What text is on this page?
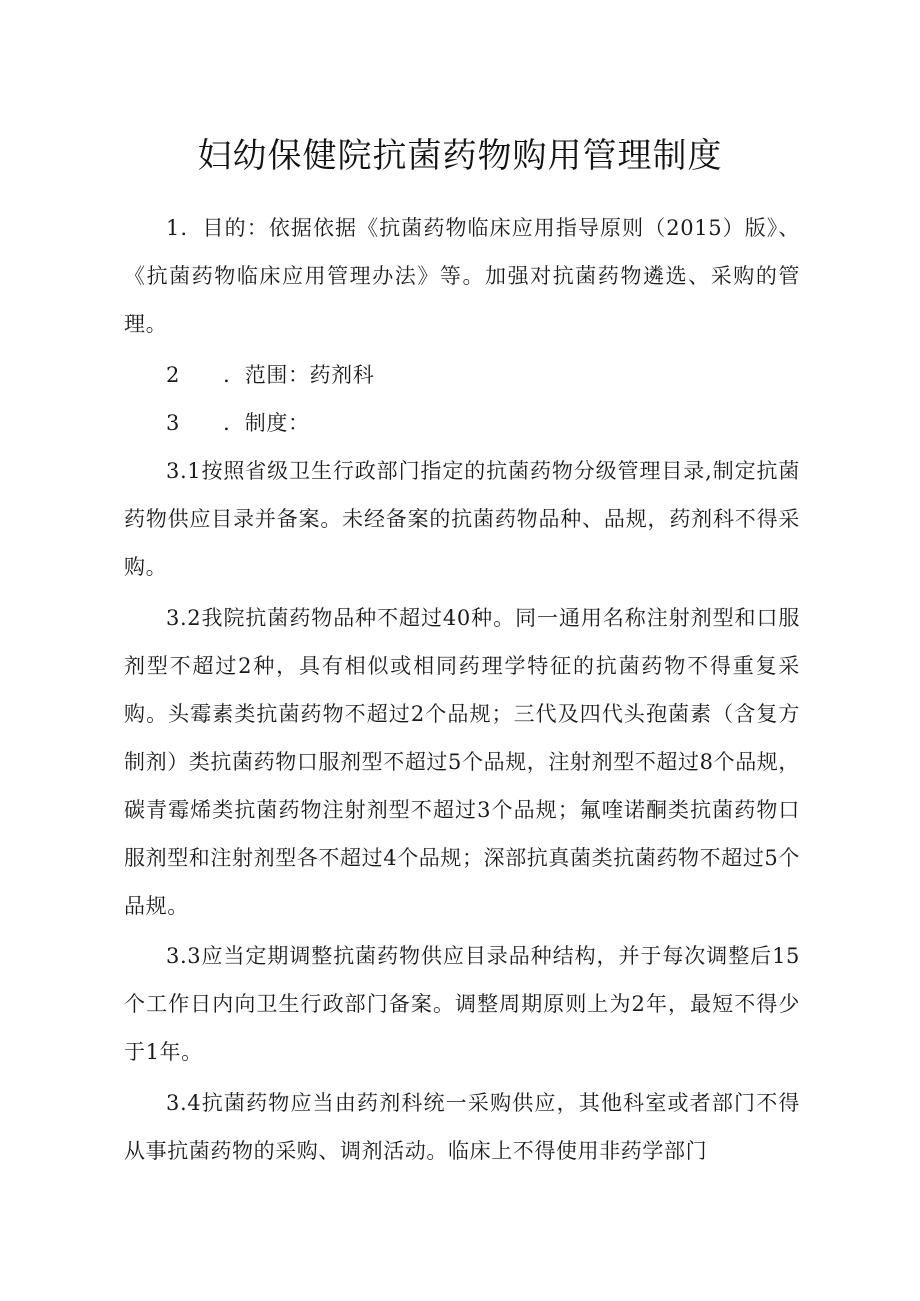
妇幼保健院抗菌药物购用管理制度

1．目的：依据依据《抗菌药物临床应用指导原则（2015）版》、《抗菌药物临床应用管理办法》等。加强对抗菌药物遴选、采购的管理。

2　　．范围：药剂科

3　　．制度：

3.1按照省级卫生行政部门指定的抗菌药物分级管理目录,制定抗菌药物供应目录并备案。未经备案的抗菌药物品种、品规，药剂科不得采购。

3.2我院抗菌药物品种不超过40种。同一通用名称注射剂型和口服剂型不超过2种，具有相似或相同药理学特征的抗菌药物不得重复采购。头霉素类抗菌药物不超过2个品规；三代及四代头孢菌素（含复方制剂）类抗菌药物口服剂型不超过5个品规，注射剂型不超过8个品规，碳青霉烯类抗菌药物注射剂型不超过3个品规；氟喹诺酮类抗菌药物口服剂型和注射剂型各不超过4个品规；深部抗真菌类抗菌药物不超过5个品规。

3.3应当定期调整抗菌药物供应目录品种结构，并于每次调整后15个工作日内向卫生行政部门备案。调整周期原则上为2年，最短不得少于1年。

3.4抗菌药物应当由药剂科统一采购供应，其他科室或者部门不得从事抗菌药物的采购、调剂活动。临床上不得使用非药学部门
